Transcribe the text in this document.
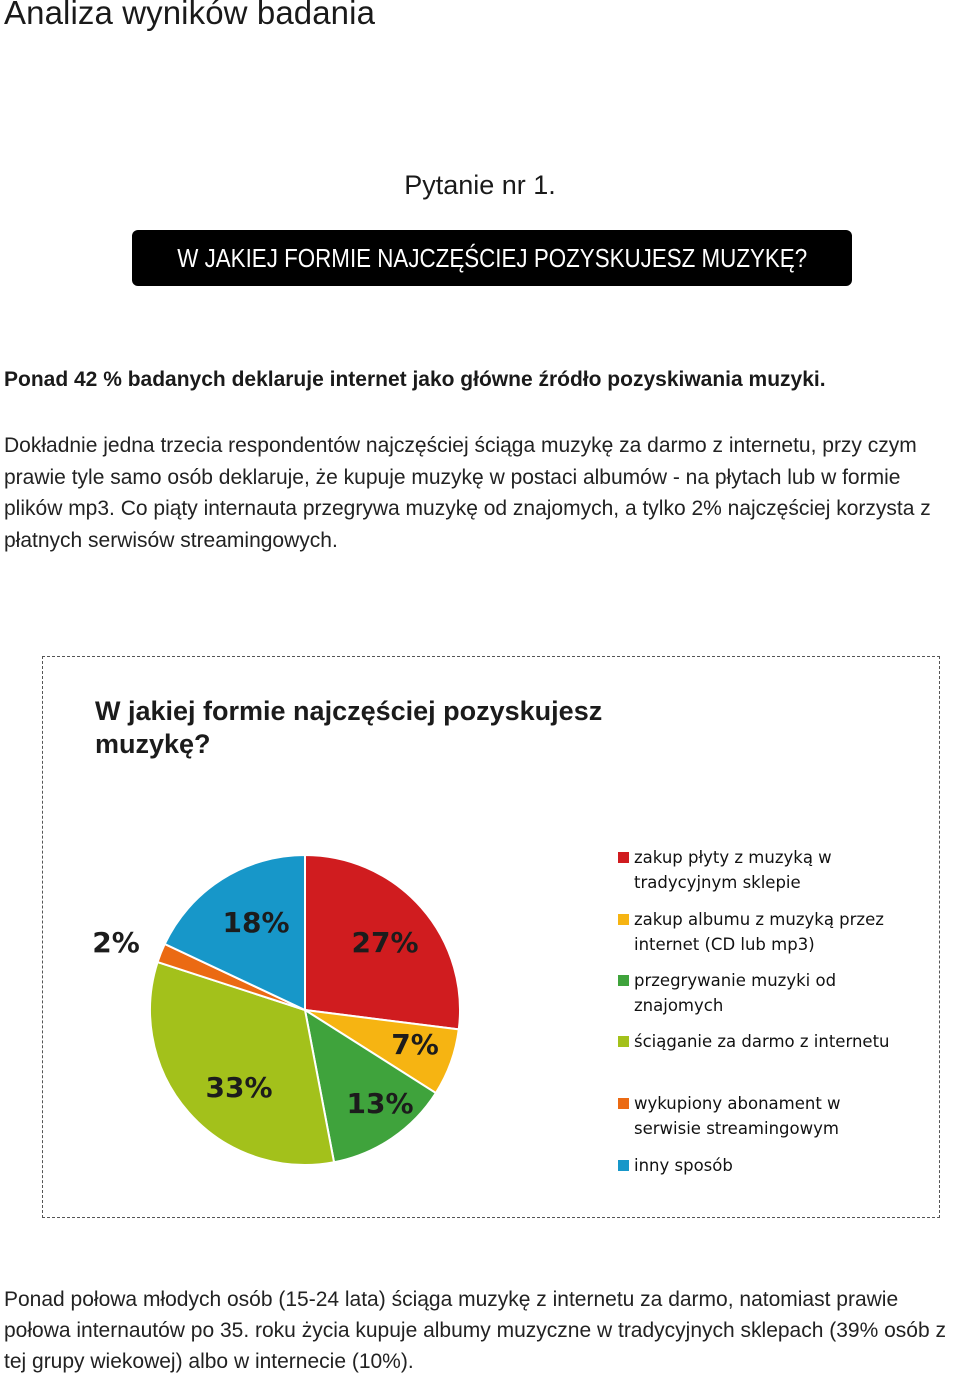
Analiza wyników badania
Pytanie nr 1.
W JAKIEJ FORMIE NAJCZĘŚCIEJ POZYSKUJESZ MUZYKĘ?
Ponad 42 % badanych deklaruje internet jako główne źródło pozyskiwania muzyki.
Dokładnie jedna trzecia respondentów najczęściej ściąga muzykę za darmo z internetu, przy czym prawie tyle samo osób deklaruje, że kupuje muzykę w postaci albumów - na płytach lub w formie plików mp3. Co piąty internauta przegrywa muzykę od znajomych, a tylko 2% najczęściej korzysta z płatnych serwisów streamingowych.
W jakiej formie najczęściej pozyskujesz muzykę?
27%
7%
13%
33%
2%
18%
zakup płyty z muzyką w tradycyjnym sklepie
zakup albumu z muzyką przez internet (CD lub mp3)
przegrywanie muzyki od znajomych
ściąganie za darmo z internetu
wykupiony abonament w serwisie streamingowym
inny sposób
Ponad połowa młodych osób (15-24 lata) ściąga muzykę z internetu za darmo, natomiast prawie połowa internautów po 35. roku życia kupuje albumy muzyczne w tradycyjnych sklepach (39% osób z tej grupy wiekowej) albo w internecie (10%).
